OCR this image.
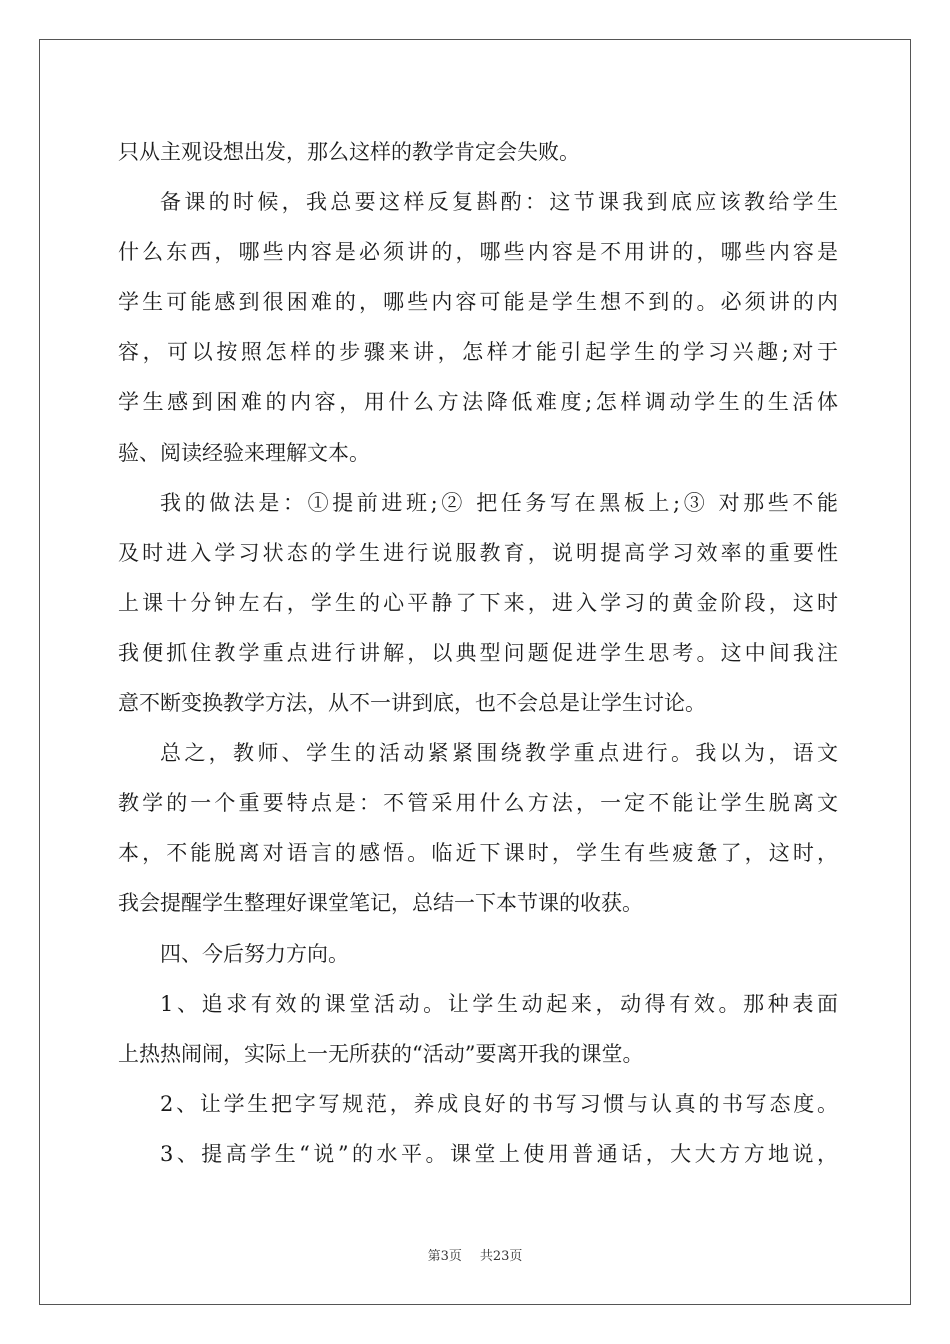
只从主观设想出发，那么这样的教学肯定会失败。
备课的时候，我总要这样反复斟酌：这节课我到底应该教给学生
什么东西，哪些内容是必须讲的，哪些内容是不用讲的，哪些内容是
学生可能感到很困难的，哪些内容可能是学生想不到的。必须讲的内
容，可以按照怎样的步骤来讲，怎样才能引起学生的学习兴趣;对于
学生感到困难的内容，用什么方法降低难度;怎样调动学生的生活体
验、阅读经验来理解文本。
我的做法是：①提前进班;② 把任务写在黑板上;③ 对那些不能
及时进入学习状态的学生进行说服教育，说明提高学习效率的重要性
上课十分钟左右，学生的心平静了下来，进入学习的黄金阶段，这时
我便抓住教学重点进行讲解，以典型问题促进学生思考。这中间我注
意不断变换教学方法，从不一讲到底，也不会总是让学生讨论。
总之，教师、学生的活动紧紧围绕教学重点进行。我以为，语文
教学的一个重要特点是：不管采用什么方法，一定不能让学生脱离文
本，不能脱离对语言的感悟。临近下课时，学生有些疲惫了，这时，
我会提醒学生整理好课堂笔记，总结一下本节课的收获。
四、今后努力方向。
1、追求有效的课堂活动。让学生动起来，动得有效。那种表面
上热热闹闹，实际上一无所获的“活动”要离开我的课堂。
2、让学生把字写规范，养成良好的书写习惯与认真的书写态度。
3、提高学生“说”的水平。课堂上使用普通话，大大方方地说，
第3页 共23页
